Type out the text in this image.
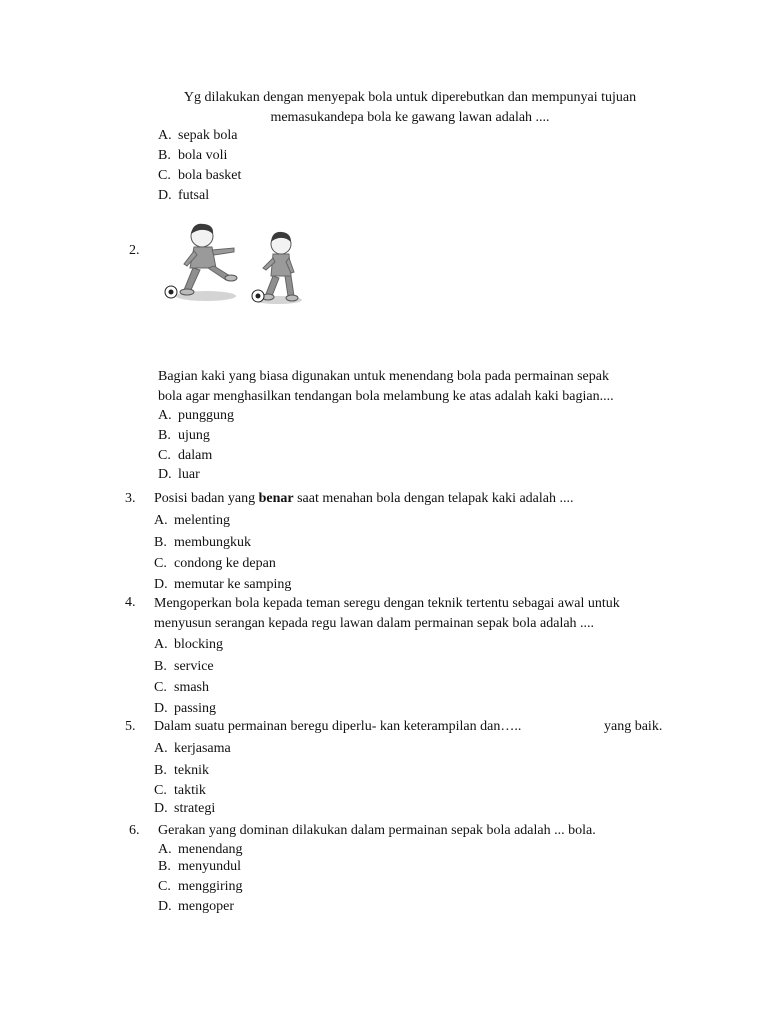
Yg dilakukan dengan menyepak bola untuk diperebutkan dan mempunyai tujuan
memasukandepa bola ke gawang lawan adalah ....
A. sepak bola
B. bola voli
C. bola basket
D. futsal
2.
Bagian kaki yang biasa digunakan untuk menendang bola pada permainan sepak
bola agar menghasilkan tendangan bola melambung ke atas adalah kaki bagian....
A. punggung
B. ujung
C. dalam
D. luar
3. Posisi badan yang benar saat menahan bola dengan telapak kaki adalah ....
A. melenting
B. membungkuk
C. condong ke depan
D. memutar ke samping
4. Mengoperkan bola kepada teman seregu dengan teknik tertentu sebagai awal untuk
menyusun serangan kepada regu lawan dalam permainan sepak bola adalah ....
A. blocking
B. service
C. smash
D. passing
5. Dalam suatu permainan beregu diperlu- kan keterampilan dan…..	yang baik.
A. kerjasama
B. teknik
C. taktik
D. strategi
6. Gerakan yang dominan dilakukan dalam permainan sepak bola adalah ... bola.
A. menendang
B. menyundul
C. menggiring
D. mengoper
